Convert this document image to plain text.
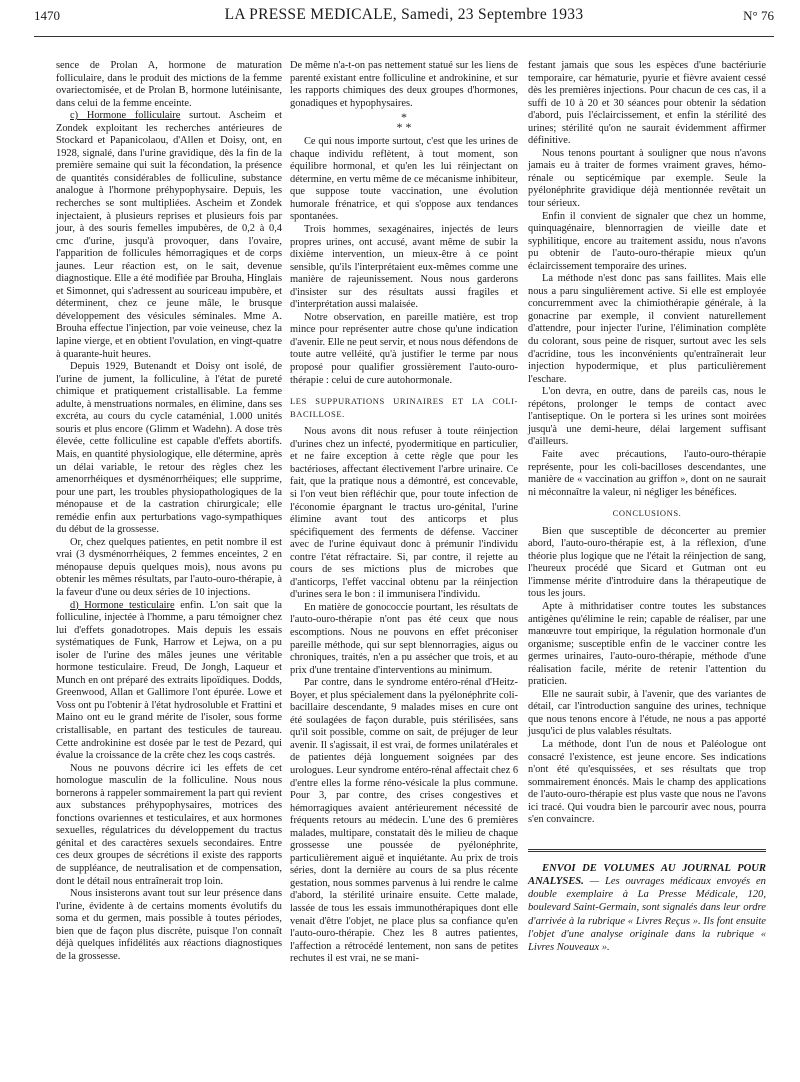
1470	LA PRESSE MEDICALE, Samedi, 23 Septembre 1933	N° 76

sence de Prolan A, hormone de maturation folliculaire, dans le produit des mictions de la femme ovariectomisée, et de Prolan B, hormone lutéinisante, dans celui de la femme enceinte.

c) Hormone folliculaire surtout. Ascheim et Zondek exploitant les recherches antérieures de Stockard et Papanicolaou, d'Allen et Doisy, ont, en 1928, signalé, dans l'urine gravidique, dès la fin de la première semaine qui suit la fécondation, la présence de quantités considérables de folliculine, substance analogue à l'hormone préhypophysaire. Depuis, les recherches se sont multipliées. Ascheim et Zondek injectaient, à plusieurs reprises et plusieurs fois par jour, à des souris femelles impubères, de 0,2 à 0,4 cmc d'urine, jusqu'à provoquer, dans l'ovaire, l'apparition de follicules hémorragiques et de corps jaunes. Leur réaction est, on le sait, devenue diagnostique. Elle a été modifiée par Brouha, Hinglais et Simonnet, qui s'adressent au souriceau impubère, et déterminent, chez ce jeune mâle, le brusque développement des vésicules séminales. Mme A. Brouha effectue l'injection, par voie veineuse, chez la lapine vierge, et en obtient l'ovulation, en vingt-quatre à quarante-huit heures.

Depuis 1929, Butenandt et Doisy ont isolé, de l'urine de jument, la folliculine, à l'état de pureté chimique et pratiquement cristallisable. La femme adulte, à menstruations normales, en élimine, dans ses excréta, au cours du cycle cataménial, 1.000 unités souris et plus encore (Glimm et Wadehn). A dose très élevée, cette folliculine est capable d'effets abortifs. Mais, en quantité physiologique, elle détermine, après un délai variable, le retour des règles chez les amenorrhéiques et dysménorrhéiques; elle supprime, pour une part, les troubles physiopathologiques de la ménopause et de la castration chirurgicale; elle remédie enfin aux perturbations vago-sympathiques du début de la grossesse.

Or, chez quelques patientes, en petit nombre il est vrai (3 dysménorrhéiques, 2 femmes enceintes, 2 en ménopause depuis quelques mois), nous avons pu obtenir les mêmes résultats, par l'auto-ouro-thérapie, à la faveur d'une ou deux séries de 10 injections.

d) Hormone testiculaire enfin. L'on sait que la folliculine, injectée à l'homme, a paru témoigner chez lui d'effets gonadotropes. Mais depuis les essais systématiques de Funk, Harrow et Lejwa, on a pu isoler de l'urine des mâles jeunes une véritable hormone testiculaire. Freud, De Jongh, Laqueur et Munch en ont préparé des extraits lipoïdiques. Dodds, Greenwood, Allan et Gallimore l'ont épurée. Lowe et Voss ont pu l'obtenir à l'état hydrosoluble et Frattini et Maino ont eu le grand mérite de l'isoler, sous forme cristallisable, en partant des testicules de taureau. Cette androkinine est dosée par le test de Pezard, qui évalue la croissance de la crête chez les coqs castrés.

Nous ne pouvons décrire ici les effets de cet homologue masculin de la folliculine. Nous nous bornerons à rappeler sommairement la part qui revient aux substances préhypophysaires, motrices des fonctions ovariennes et testiculaires, et aux hormones sexuelles, régulatrices du développement du tractus génital et des caractères sexuels secondaires. Entre ces deux groupes de sécrétions il existe des rapports de suppléance, de neutralisation et de compensation, dont le détail nous entraînerait trop loin.

Nous insisterons avant tout sur leur présence dans l'urine, évidente à de certains moments évolutifs du soma et du germen, mais possible à toutes périodes, bien que de façon plus discrète, puisque l'on connaît déjà quelques infidélités aux réactions diagnostiques de la grossesse.

De même n'a-t-on pas nettement statué sur les liens de parenté existant entre folliculine et androkinine, et sur les rapports chimiques des deux groupes d'hormones, gonadiques et hypophysaires.

*
* *

Ce qui nous importe surtout, c'est que les urines de chaque individu reflètent, à tout moment, son équilibre hormonal, et qu'en les lui réinjectant on détermine, en vertu même de ce mécanisme inhibiteur, que suppose toute vaccination, une évolution humorale frénatrice, et qui s'oppose aux tendances spontanées.

Trois hommes, sexagénaires, injectés de leurs propres urines, ont accusé, avant même de subir la dixième intervention, un mieux-être à ce point sensible, qu'ils l'interprétaient eux-mêmes comme une manière de rajeunissement. Nous nous garderons d'insister sur des résultats aussi fragiles et d'interprétation aussi malaisée.

Notre observation, en pareille matière, est trop mince pour représenter autre chose qu'une indication d'avenir. Elle ne peut servir, et nous nous défendons de toute autre velléité, qu'à justifier le terme par nous proposé pour qualifier grossièrement l'auto-ouro-thérapie : celui de cure autohormonale.

LES SUPPURATIONS URINAIRES ET LA COLI-BACILLOSE.

Nous avons dit nous refuser à toute réinjection d'urines chez un infecté, pyodermitique en particulier, et ne faire exception à cette règle que pour les bactérioses, affectant électivement l'arbre urinaire. Ce fait, que la pratique nous a démontré, est concevable, si l'on veut bien réfléchir que, pour toute infection de l'économie épargnant le tractus uro-génital, l'urine élimine avant tout des anticorps et plus spécifiquement des ferments de défense. Vacciner avec de l'urine équivaut donc à prémunir l'individu contre l'état réfractaire. Si, par contre, il rejette au cours de ses mictions plus de microbes que d'anticorps, l'effet vaccinal obtenu par la réinjection d'urines sera le bon : il immunisera l'individu.

En matière de gonococcie pourtant, les résultats de l'auto-ouro-thérapie n'ont pas été ceux que nous escomptions. Nous ne pouvons en effet préconiser pareille méthode, qui sur sept blennorragies, aigus ou chroniques, traités, n'en a pu assécher que trois, et au prix d'une trentaine d'interventions au minimum.

Par contre, dans le syndrome entéro-rénal d'Heitz-Boyer, et plus spécialement dans la pyélonéphrite coli-bacillaire descendante, 9 malades mises en cure ont été soulagées de façon durable, puis stérilisées, sans qu'il soit possible, comme on sait, de préjuger de leur avenir. Il s'agissait, il est vrai, de formes unilatérales et de patientes déjà longuement soignées par des urologues. Leur syndrome entéro-rénal affectait chez 6 d'entre elles la forme réno-vésicale la plus commune. Pour 3, par contre, des crises congestives et hémorragiques avaient antérieurement nécessité de fréquents retours au médecin. L'une des 6 premières malades, multipare, constatait dès le milieu de chaque grossesse une poussée de pyélonéphrite, particulièrement aiguë et inquiétante. Au prix de trois séries, dont la dernière au cours de sa plus récente gestation, nous sommes parvenus à lui rendre le calme d'abord, la stérilité urinaire ensuite. Cette malade, lassée de tous les essais immunothérapiques dont elle venait d'être l'objet, ne place plus sa confiance qu'en l'auto-ouro-thérapie. Chez les 8 autres patientes, l'affection a rétrocédé lentement, non sans de petites rechutes il est vrai, ne se mani-

festant jamais que sous les espèces d'une bactériurie temporaire, car hématurie, pyurie et fièvre avaient cessé dès les premières injections. Pour chacun de ces cas, il a suffi de 10 à 20 et 30 séances pour obtenir la sédation d'abord, puis l'éclaircissement, et enfin la stérilité des urines; stérilité qu'on ne saurait évidemment affirmer définitive.

Nous tenons pourtant à souligner que nous n'avons jamais eu à traiter de formes vraiment graves, hémo-rénale ou septicémique par exemple. Seule la pyélonéphrite gravidique déjà mentionnée revêtait un tour sérieux.

Enfin il convient de signaler que chez un homme, quinquagénaire, blennorragien de vieille date et syphilitique, encore au traitement assidu, nous n'avons pu obtenir de l'auto-ouro-thérapie mieux qu'un éclaircissement temporaire des urines.

La méthode n'est donc pas sans faillites. Mais elle nous a paru singulièrement active. Si elle est employée concurremment avec la chimiothérapie générale, à la gonacrine par exemple, il convient naturellement d'attendre, pour injecter l'urine, l'élimination complète du colorant, sous peine de risquer, surtout avec les sels d'acridine, tous les inconvénients qu'entraînerait leur injection hypodermique, et plus particulièrement l'eschare.

L'on devra, en outre, dans de pareils cas, nous le répétons, prolonger le temps de contact avec l'antiseptique. On le portera si les urines sont moirées jusqu'à une demi-heure, délai largement suffisant d'ailleurs.

Faite avec précautions, l'auto-ouro-thérapie représente, pour les coli-bacilloses descendantes, une manière de « vaccination au griffon », dont on ne saurait ni méconnaître la valeur, ni négliger les bénéfices.

CONCLUSIONS.

Bien que susceptible de déconcerter au premier abord, l'auto-ouro-thérapie est, à la réflexion, d'une théorie plus logique que ne l'était la réinjection de sang, l'heureux procédé que Sicard et Gutman ont eu l'immense mérite d'introduire dans la thérapeutique de tous les jours.

Apte à mithridatiser contre toutes les substances antigènes qu'élimine le rein; capable de réaliser, par une manœuvre tout empirique, la régulation hormonale d'un organisme; susceptible enfin de le vacciner contre les germes urinaires, l'auto-ouro-thérapie, méthode d'une réalisation facile, mérite de retenir l'attention du praticien.

Elle ne saurait subir, à l'avenir, que des variantes de détail, car l'introduction sanguine des urines, technique que nous tenons encore à l'étude, ne nous a pas apporté jusqu'ici de plus valables résultats.

La méthode, dont l'un de nous et Paléologue ont consacré l'existence, est jeune encore. Ses indications n'ont été qu'esquissées, et ses résultats que trop sommairement énoncés. Mais le champ des applications de l'auto-ouro-thérapie est plus vaste que nous ne l'avons ici tracé. Qui voudra bien le parcourir avec nous, pourra s'en convaincre.

ENVOI DE VOLUMES AU JOURNAL POUR ANALYSES. — Les ouvrages médicaux envoyés en double exemplaire à La Presse Médicale, 120, boulevard Saint-Germain, sont signalés dans leur ordre d'arrivée à la rubrique « Livres Reçus ». Ils font ensuite l'objet d'une analyse originale dans la rubrique « Livres Nouveaux ».
